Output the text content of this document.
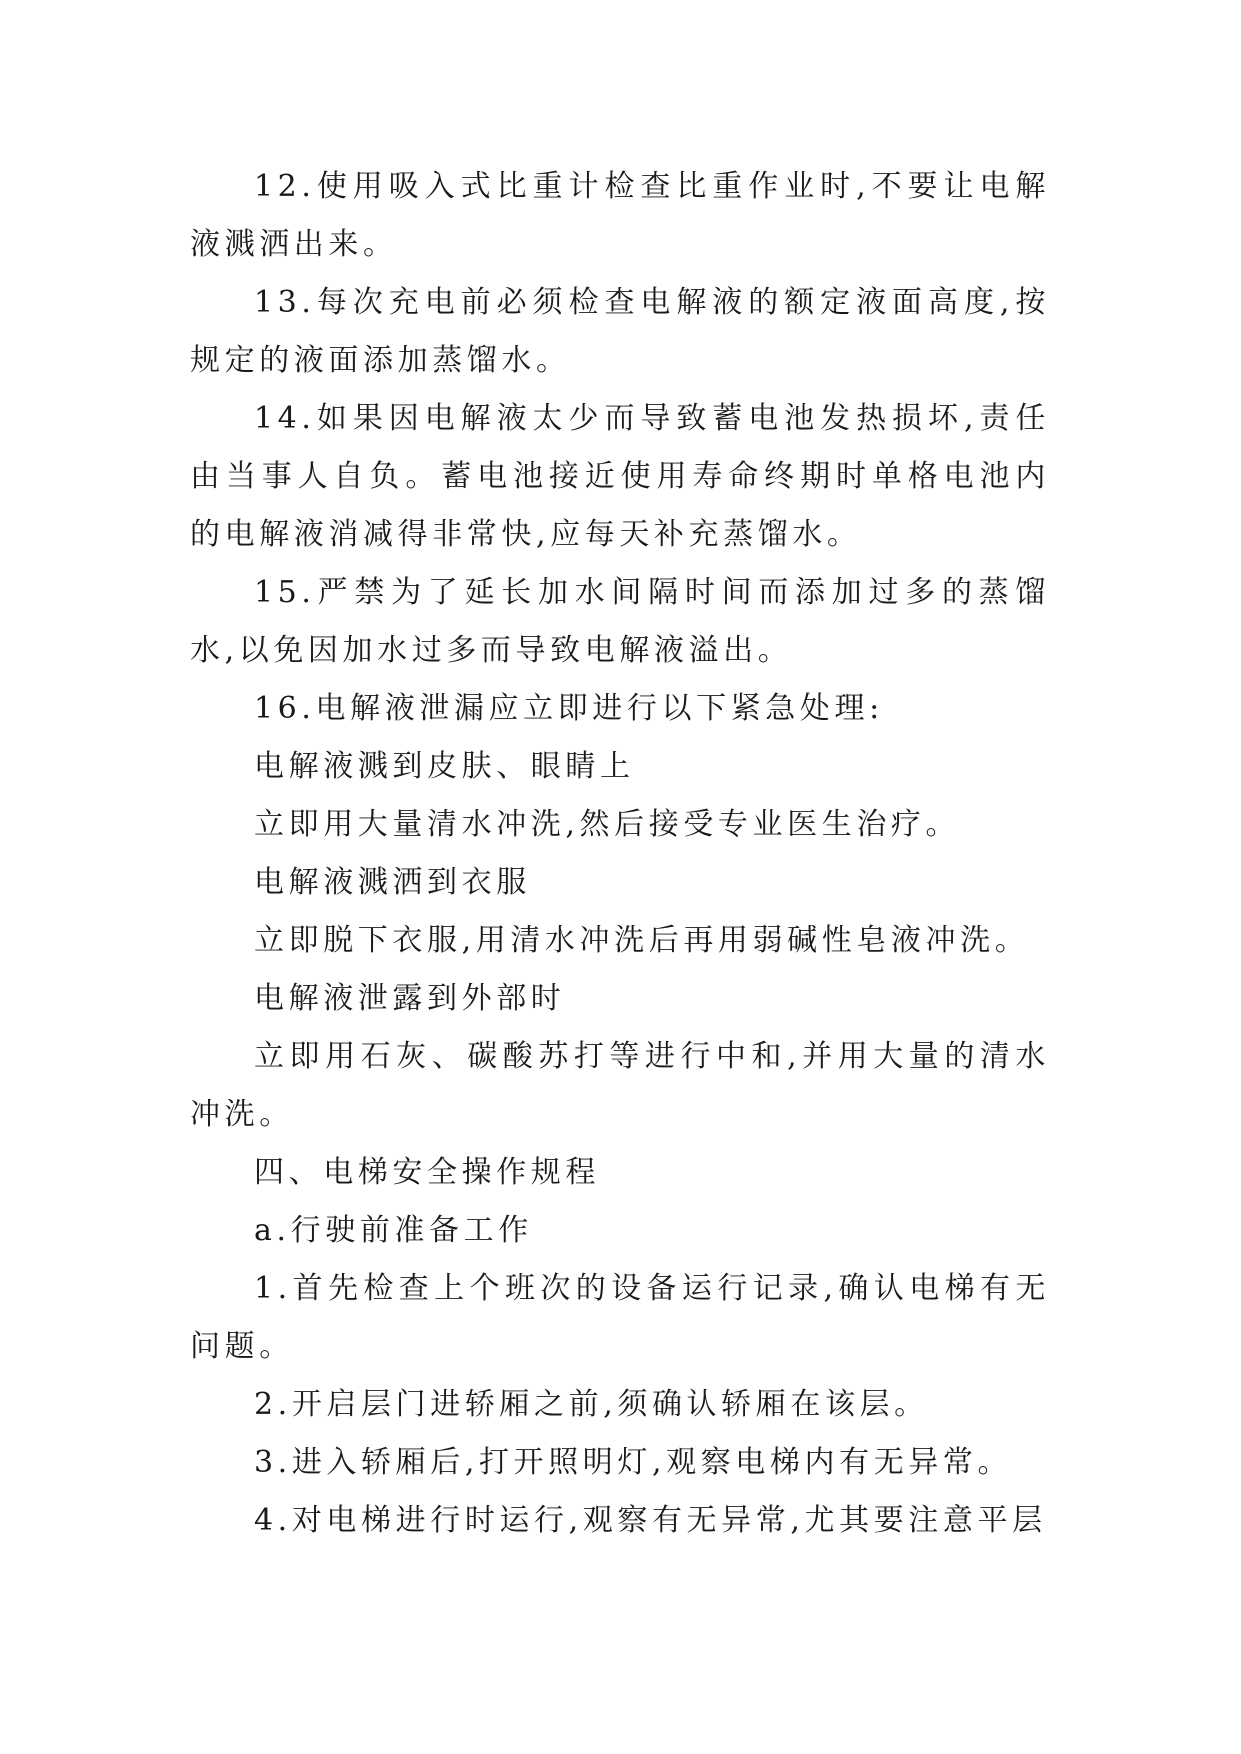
12.使用吸入式比重计检查比重作业时,不要让电解液溅洒出来。

13.每次充电前必须检查电解液的额定液面高度,按规定的液面添加蒸馏水。

14.如果因电解液太少而导致蓄电池发热损坏,责任由当事人自负。蓄电池接近使用寿命终期时单格电池内的电解液消减得非常快,应每天补充蒸馏水。

15.严禁为了延长加水间隔时间而添加过多的蒸馏水,以免因加水过多而导致电解液溢出。

16.电解液泄漏应立即进行以下紧急处理:

电解液溅到皮肤、眼睛上

立即用大量清水冲洗,然后接受专业医生治疗。

电解液溅洒到衣服

立即脱下衣服,用清水冲洗后再用弱碱性皂液冲洗。

电解液泄露到外部时

立即用石灰、碳酸苏打等进行中和,并用大量的清水冲洗。

四、电梯安全操作规程

a.行驶前准备工作

1.首先检查上个班次的设备运行记录,确认电梯有无问题。

2.开启层门进轿厢之前,须确认轿厢在该层。

3.进入轿厢后,打开照明灯,观察电梯内有无异常。

4.对电梯进行时运行,观察有无异常,尤其要注意平层
